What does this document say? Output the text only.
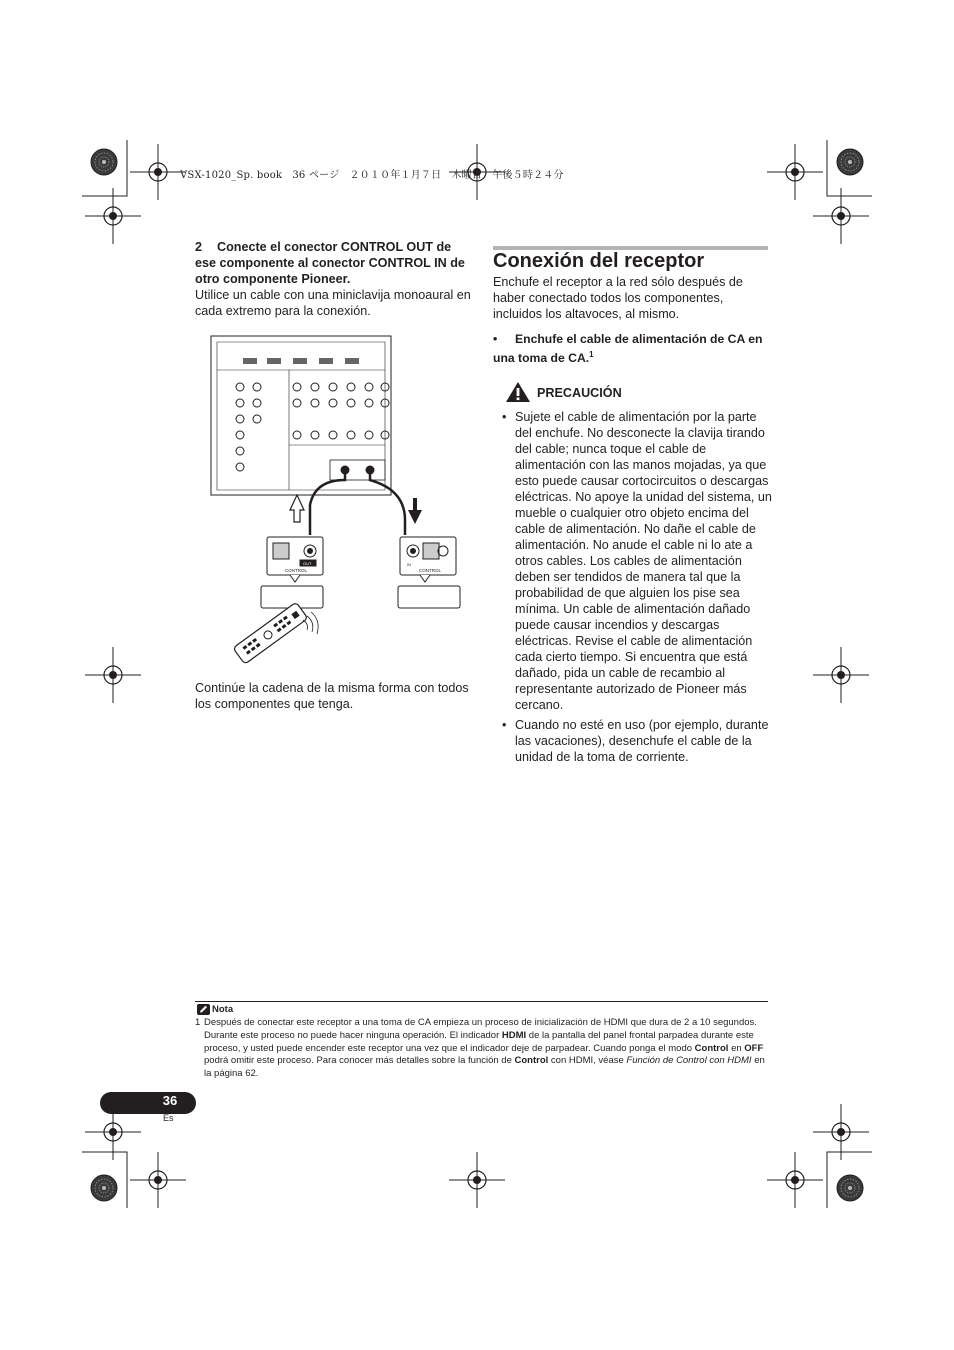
VSX-1020_Sp. book　36 ページ　２０１０年１月７日　木曜日　午後５時２４分
2 Conecte el conector CONTROL OUT de ese componente al conector CONTROL IN de otro componente Pioneer.
Utilice un cable con una miniclavija monoaural en cada extremo para la conexión.
CONTROL
OUT
CONTROL
IN
Continúe la cadena de la misma forma con todos los componentes que tenga.
Conexión del receptor
Enchufe el receptor a la red sólo después de haber conectado todos los componentes, incluidos los altavoces, al mismo.
• Enchufe el cable de alimentación de CA en una toma de CA.$^1$
PRECAUCIÓN
• Sujete el cable de alimentación por la parte del enchufe. No desconecte la clavija tirando del cable; nunca toque el cable de alimentación con las manos mojadas, ya que esto puede causar cortocircuitos o descargas eléctricas. No apoye la unidad del sistema, un mueble o cualquier otro objeto encima del cable de alimentación. No dañe el cable de alimentación. No anude el cable ni lo ate a otros cables. Los cables de alimentación deben ser tendidos de manera tal que la probabilidad de que alguien los pise sea mínima. Un cable de alimentación dañado puede causar incendios y descargas eléctricas. Revise el cable de alimentación cada cierto tiempo. Si encuentra que está dañado, pida un cable de recambio al representante autorizado de Pioneer más cercano.
• Cuando no esté en uso (por ejemplo, durante las vacaciones), desenchufe el cable de la unidad de la toma de corriente.
Nota
1 Después de conectar este receptor a una toma de CA empieza un proceso de inicialización de HDMI que dura de 2 a 10 segundos. Durante este proceso no puede hacer ninguna operación. El indicador HDMI de la pantalla del panel frontal parpadea durante este proceso, y usted puede encender este receptor una vez que el indicador deje de parpadear. Cuando ponga el modo Control en OFF podrá omitir este proceso. Para conocer más detalles sobre la función de Control con HDMI, véase Función de Control con HDMI en la página 62.
36
Es
